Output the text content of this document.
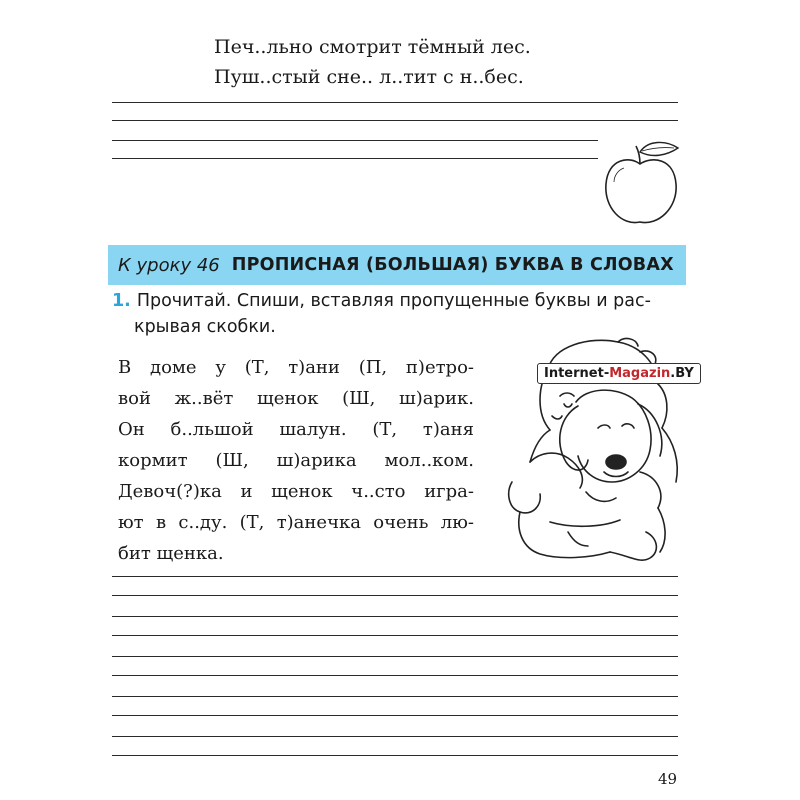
Печ..льно смотрит тёмный лес.
Пуш..стый сне.. л..тит с н..бес.
К уроку 46 ПРОПИСНАЯ (БОЛЬШАЯ) БУКВА В СЛОВАХ
1. Прочитай. Спиши, вставляя пропущенные буквы и рас-
крывая скобки.
В доме у (Т, т)ани (П, п)етро-
вой ж..вёт щенок (Ш, ш)арик.
Он б..льшой шалун. (Т, т)аня
кормит (Ш, ш)арика мол..ком.
Девоч(?)ка и щенок ч..сто игра-
ют в с..ду. (Т, т)анечка очень лю-
бит щенка.
Internet-Magazin.BY
49
